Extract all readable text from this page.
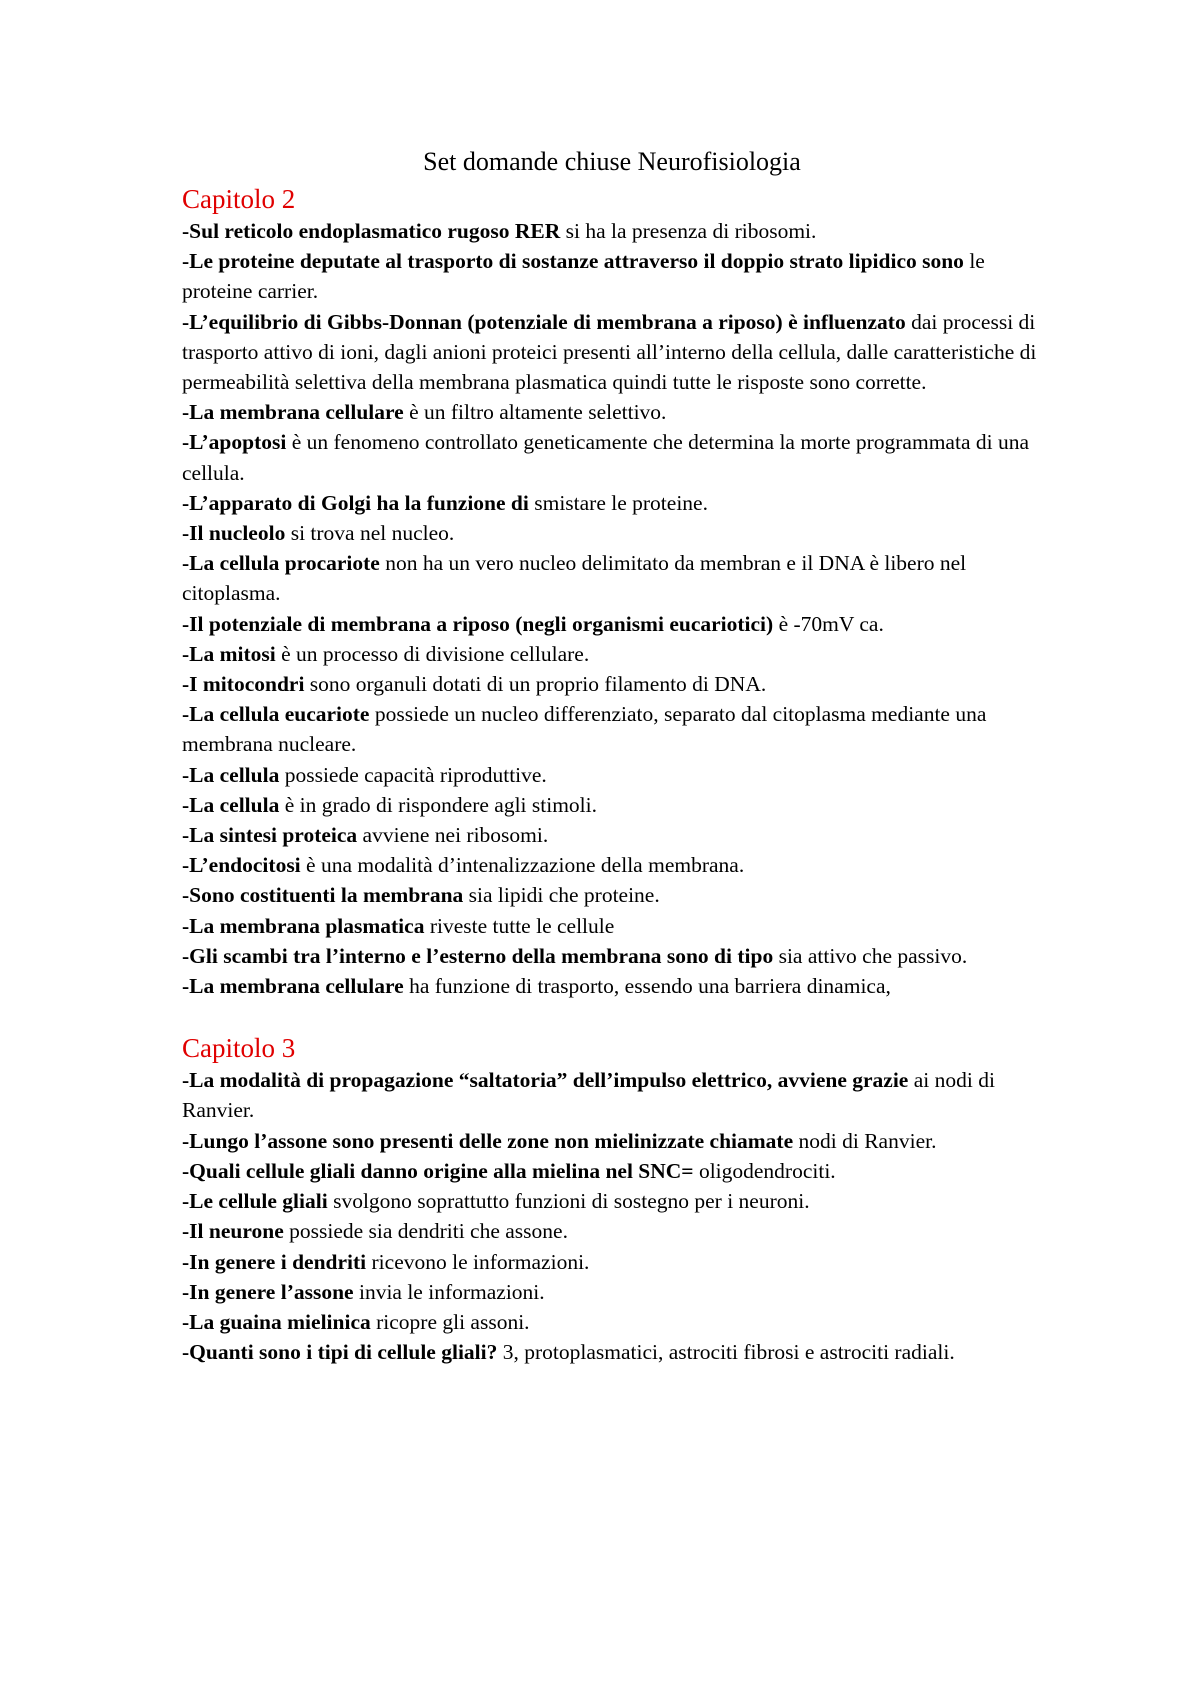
Set domande chiuse Neurofisiologia

Capitolo 2

-Sul reticolo endoplasmatico rugoso RER si ha la presenza di ribosomi.

-Le proteine deputate al trasporto di sostanze attraverso il doppio strato lipidico sono le proteine carrier.

-L’equilibrio di Gibbs-Donnan (potenziale di membrana a riposo) è influenzato dai processi di trasporto attivo di ioni, dagli anioni proteici presenti all’interno della cellula, dalle caratteristiche di permeabilità selettiva della membrana plasmatica quindi tutte le risposte sono corrette.

-La membrana cellulare è un filtro altamente selettivo.

-L’apoptosi è un fenomeno controllato geneticamente che determina la morte programmata di una cellula.

-L’apparato di Golgi ha la funzione di smistare le proteine.

-Il nucleolo si trova nel nucleo.

-La cellula procariote non ha un vero nucleo delimitato da membran e il DNA è libero nel citoplasma.

-Il potenziale di membrana a riposo (negli organismi eucariotici) è -70mV ca.

-La mitosi è un processo di divisione cellulare.

-I mitocondri sono organuli dotati di un proprio filamento di DNA.

-La cellula eucariote possiede un nucleo differenziato, separato dal citoplasma mediante una membrana nucleare.

-La cellula possiede capacità riproduttive.

-La cellula è in grado di rispondere agli stimoli.

-La sintesi proteica avviene nei ribosomi.

-L’endocitosi è una modalità d’intenalizzazione della membrana.

-Sono costituenti la membrana sia lipidi che proteine.

-La membrana plasmatica riveste tutte le cellule

-Gli scambi tra l’interno e l’esterno della membrana sono di tipo sia attivo che passivo.

-La membrana cellulare ha funzione di trasporto, essendo una barriera dinamica,

Capitolo 3

-La modalità di propagazione “saltatoria” dell’impulso elettrico, avviene grazie ai nodi di Ranvier.

-Lungo l’assone sono presenti delle zone non mielinizzate chiamate nodi di Ranvier.

-Quali cellule gliali danno origine alla mielina nel SNC= oligodendrociti.

-Le cellule gliali svolgono soprattutto funzioni di sostegno per i neuroni.

-Il neurone possiede sia dendriti che assone.

-In genere i dendriti ricevono le informazioni.

-In genere l’assone invia le informazioni.

-La guaina mielinica ricopre gli assoni.

-Quanti sono i tipi di cellule gliali? 3, protoplasmatici, astrociti fibrosi e astrociti radiali.
